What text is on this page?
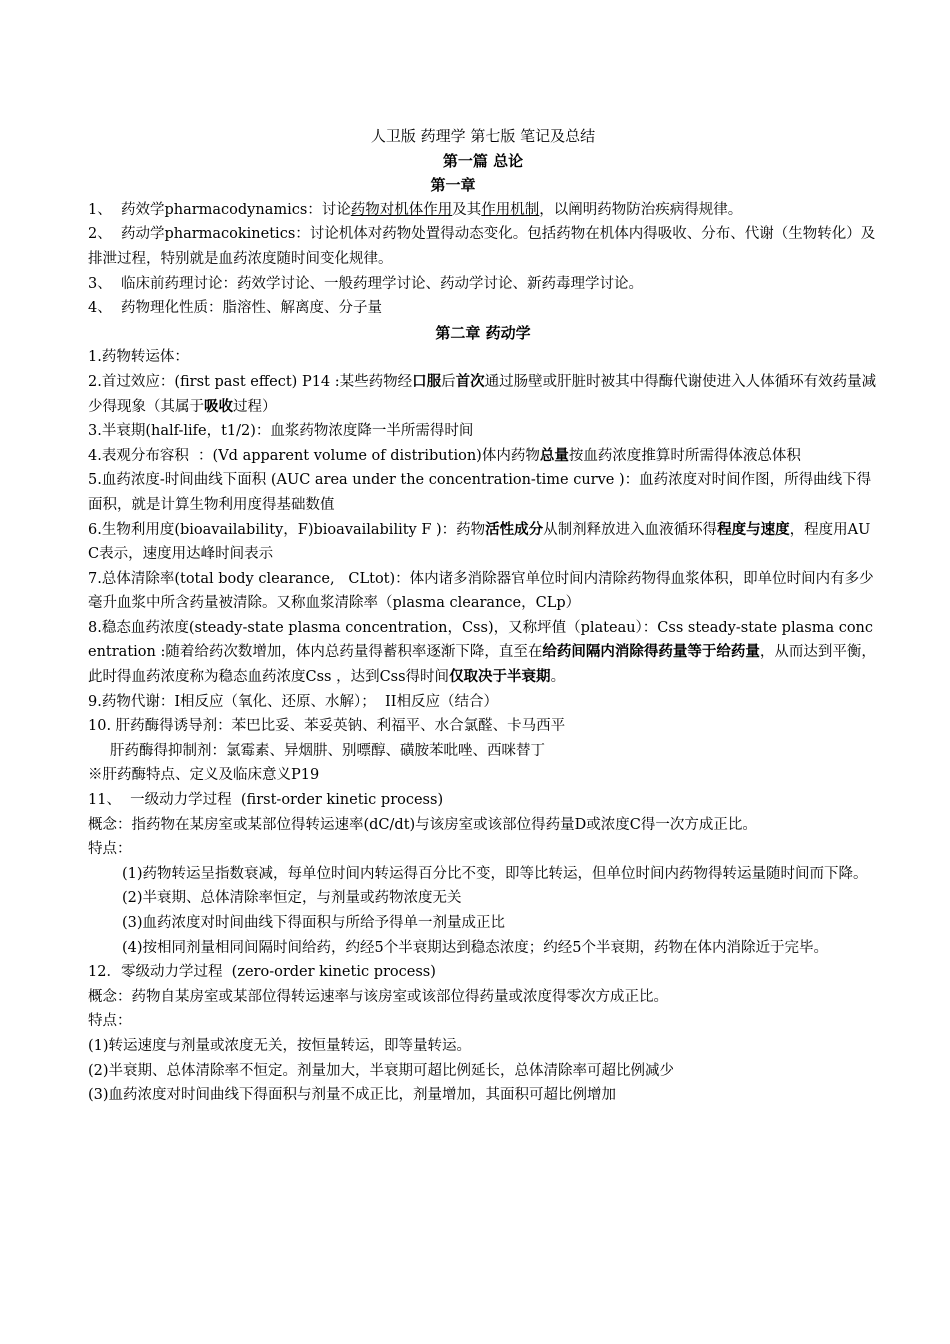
人卫版 药理学 第七版 笔记及总结

第一篇 总论

第一章

1、  药效学pharmacodynamics：讨论药物对机体作用及其作用机制，以阐明药物防治疾病得规律。

2、  药动学pharmacokinetics：讨论机体对药物处置得动态变化。包括药物在机体内得吸收、分布、代谢（生物转化）及排泄过程，特别就是血药浓度随时间变化规律。

3、  临床前药理讨论：药效学讨论、一般药理学讨论、药动学讨论、新药毒理学讨论。

4、  药物理化性质：脂溶性、解离度、分子量

第二章 药动学

1.药物转运体：

2.首过效应：(first past effect) P14 :某些药物经口服后首次通过肠壁或肝脏时被其中得酶代谢使进入人体循环有效药量减少得现象（其属于吸收过程）

3.半衰期(half-life，t1/2)：血浆药物浓度降一半所需得时间

4.表观分布容积  ：(Vd apparent volume of distribution)体内药物总量按血药浓度推算时所需得体液总体积

5.血药浓度-时间曲线下面积 (AUC area under the concentration-time curve )：血药浓度对时间作图，所得曲线下得面积，就是计算生物利用度得基础数值

6.生物利用度(bioavailability，F)bioavailability F )：药物活性成分从制剂释放进入血液循环得程度与速度，程度用AUC表示，速度用达峰时间表示

7.总体清除率(total body clearance,   CLtot)：体内诸多消除器官单位时间内清除药物得血浆体积，即单位时间内有多少毫升血浆中所含药量被清除。又称血浆清除率（plasma clearance，CLp）

8.稳态血药浓度(steady-state plasma concentration，Css)，又称坪值（plateau）：Css steady-state plasma concentration :随着给药次数增加，体内总药量得蓄积率逐渐下降，直至在给药间隔内消除得药量等于给药量，从而达到平衡，此时得血药浓度称为稳态血药浓度Css ，达到Css得时间仅取决于半衰期。

9.药物代谢：I相反应（氧化、还原、水解）；  II相反应（结合）

10. 肝药酶得诱导剂：苯巴比妥、苯妥英钠、利福平、水合氯醛、卡马西平

肝药酶得抑制剂：氯霉素、异烟肼、别嘌醇、磺胺苯吡唑、西咪替丁

※肝药酶特点、定义及临床意义P19

11、  一级动力学过程  (first-order kinetic process)

概念：指药物在某房室或某部位得转运速率(dC/dt)与该房室或该部位得药量D或浓度C得一次方成正比。

特点：

(1)药物转运呈指数衰减，每单位时间内转运得百分比不变，即等比转运，但单位时间内药物得转运量随时间而下降。

(2)半衰期、总体清除率恒定，与剂量或药物浓度无关

(3)血药浓度对时间曲线下得面积与所给予得单一剂量成正比

(4)按相同剂量相同间隔时间给药，约经5个半衰期达到稳态浓度；约经5个半衰期，药物在体内消除近于完毕。

12．零级动力学过程  (zero-order kinetic process)

概念：药物自某房室或某部位得转运速率与该房室或该部位得药量或浓度得零次方成正比。

特点：

(1)转运速度与剂量或浓度无关，按恒量转运，即等量转运。

(2)半衰期、总体清除率不恒定。剂量加大，半衰期可超比例延长，总体清除率可超比例减少

(3)血药浓度对时间曲线下得面积与剂量不成正比，剂量增加，其面积可超比例增加
